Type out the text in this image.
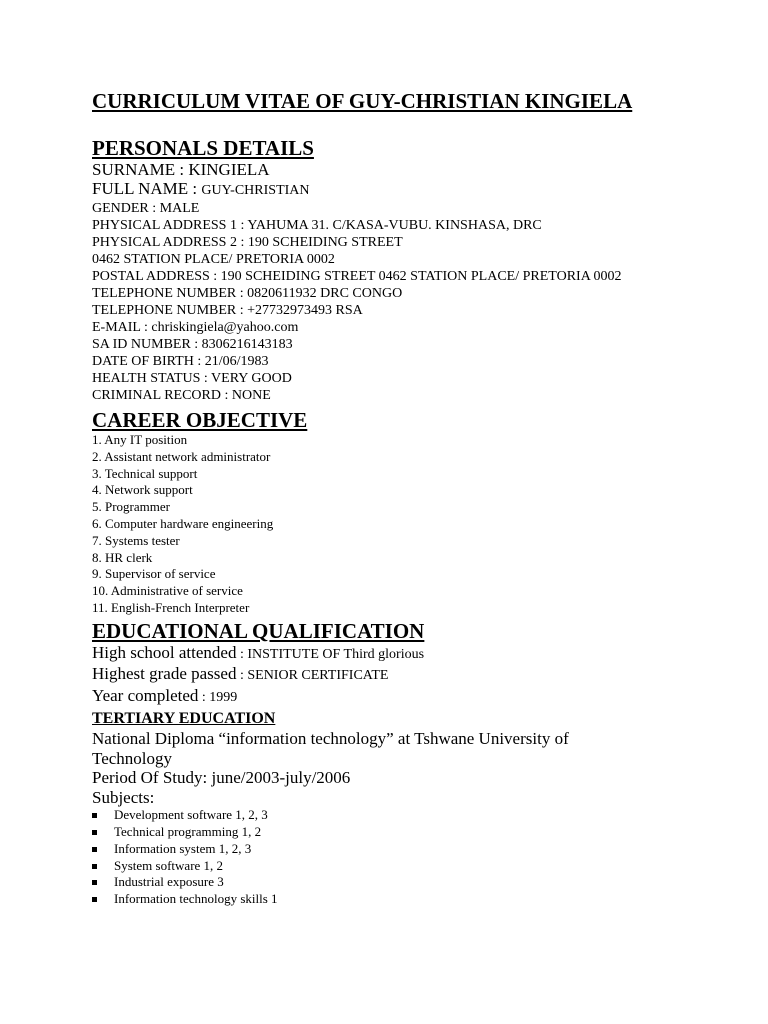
CURRICULUM VITAE OF GUY-CHRISTIAN KINGIELA
PERSONALS DETAILS

SURNAME : KINGIELA

FULL NAME : GUY-CHRISTIAN

GENDER : MALE

PHYSICAL ADDRESS 1 : YAHUMA 31. C/KASA-VUBU. KINSHASA, DRC

PHYSICAL ADDRESS 2 : 190 SCHEIDING STREET

0462 STATION PLACE/ PRETORIA 0002

POSTAL ADDRESS : 190 SCHEIDING STREET 0462 STATION PLACE/ PRETORIA 0002

TELEPHONE NUMBER : 0820611932 DRC CONGO

TELEPHONE NUMBER : +27732973493 RSA

E-MAIL : chriskingiela@yahoo.com

SA ID NUMBER : 8306216143183

DATE OF BIRTH : 21/06/1983

HEALTH STATUS : VERY GOOD

CRIMINAL RECORD : NONE

CAREER OBJECTIVE

1. Any IT position

2. Assistant network administrator

3. Technical support

4. Network support

5. Programmer

6. Computer hardware engineering

7. Systems tester

8. HR clerk

9. Supervisor of service

10. Administrative of service

11. English-French Interpreter

EDUCATIONAL QUALIFICATION

High school attended : INSTITUTE OF Third glorious

Highest grade passed : SENIOR CERTIFICATE

Year completed : 1999

TERTIARY EDUCATION

National Diploma “information technology” at Tshwane University of Technology

Period Of Study: june/2003-july/2006

Subjects:

Development software 1, 2, 3
Technical programming 1, 2
Information system 1, 2, 3
System software 1, 2
Industrial exposure 3
Information technology skills 1
